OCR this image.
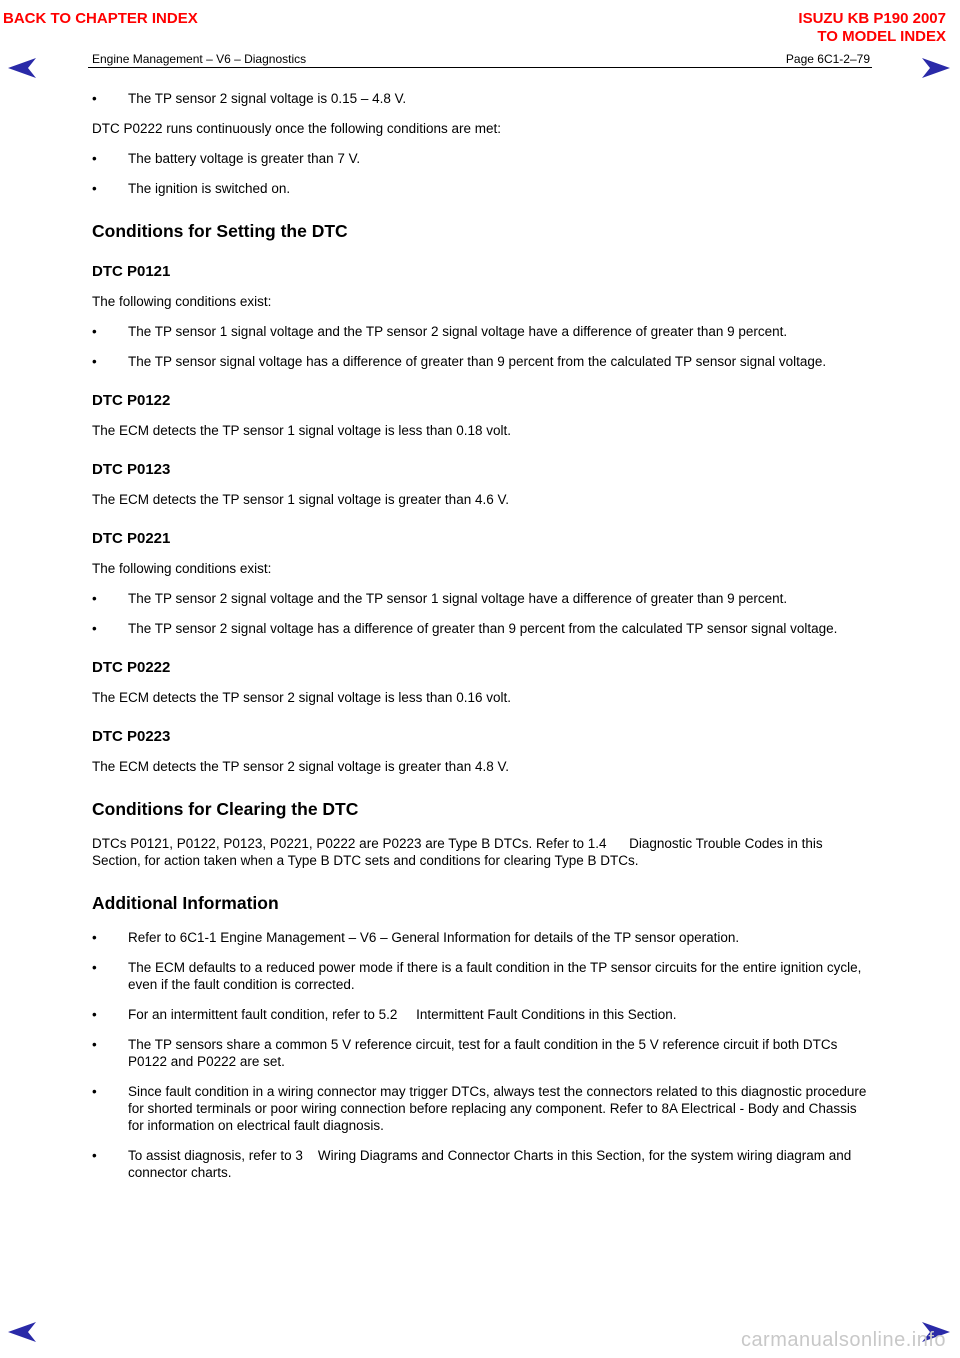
BACK TO CHAPTER INDEX	ISUZU KB P190 2007
TO MODEL INDEX
Engine Management – V6 – Diagnostics	Page 6C1-2–79
• The TP sensor 2 signal voltage is 0.15 – 4.8 V.

DTC P0222 runs continuously once the following conditions are met:

• The battery voltage is greater than 7 V.
• The ignition is switched on.
Conditions for Setting the DTC
DTC P0121

The following conditions exist:

• The TP sensor 1 signal voltage and the TP sensor 2 signal voltage have a difference of greater than 9 percent.
• The TP sensor signal voltage has a difference of greater than 9 percent from the calculated TP sensor signal voltage.
DTC P0122

The ECM detects the TP sensor 1 signal voltage is less than 0.18 volt.

DTC P0123

The ECM detects the TP sensor 1 signal voltage is greater than 4.6 V.

DTC P0221

The following conditions exist:

• The TP sensor 2 signal voltage and the TP sensor 1 signal voltage have a difference of greater than 9 percent.
• The TP sensor 2 signal voltage has a difference of greater than 9 percent from the calculated TP sensor signal voltage.
DTC P0222

The ECM detects the TP sensor 2 signal voltage is less than 0.16 volt.

DTC P0223

The ECM detects the TP sensor 2 signal voltage is greater than 4.8 V.

Conditions for Clearing the DTC

DTCs P0121, P0122, P0123, P0221, P0222 are P0223 are Type B DTCs. Refer to 1.4      Diagnostic Trouble Codes in this Section, for action taken when a Type B DTC sets and conditions for clearing Type B DTCs.

Additional Information
• Refer to 6C1-1 Engine Management – V6 – General Information for details of the TP sensor operation.
• The ECM defaults to a reduced power mode if there is a fault condition in the TP sensor circuits for the entire ignition cycle, even if the fault condition is corrected.
• For an intermittent fault condition, refer to 5.2     Intermittent Fault Conditions in this Section.
• The TP sensors share a common 5 V reference circuit, test for a fault condition in the 5 V reference circuit if both DTCs P0122 and P0222 are set.
• Since fault condition in a wiring connector may trigger DTCs, always test the connectors related to this diagnostic procedure for shorted terminals or poor wiring connection before replacing any component. Refer to 8A Electrical - Body and Chassis for information on electrical fault diagnosis.
• To assist diagnosis, refer to 3    Wiring Diagrams and Connector Charts in this Section, for the system wiring diagram and connector charts.
carmanualsonline.info
